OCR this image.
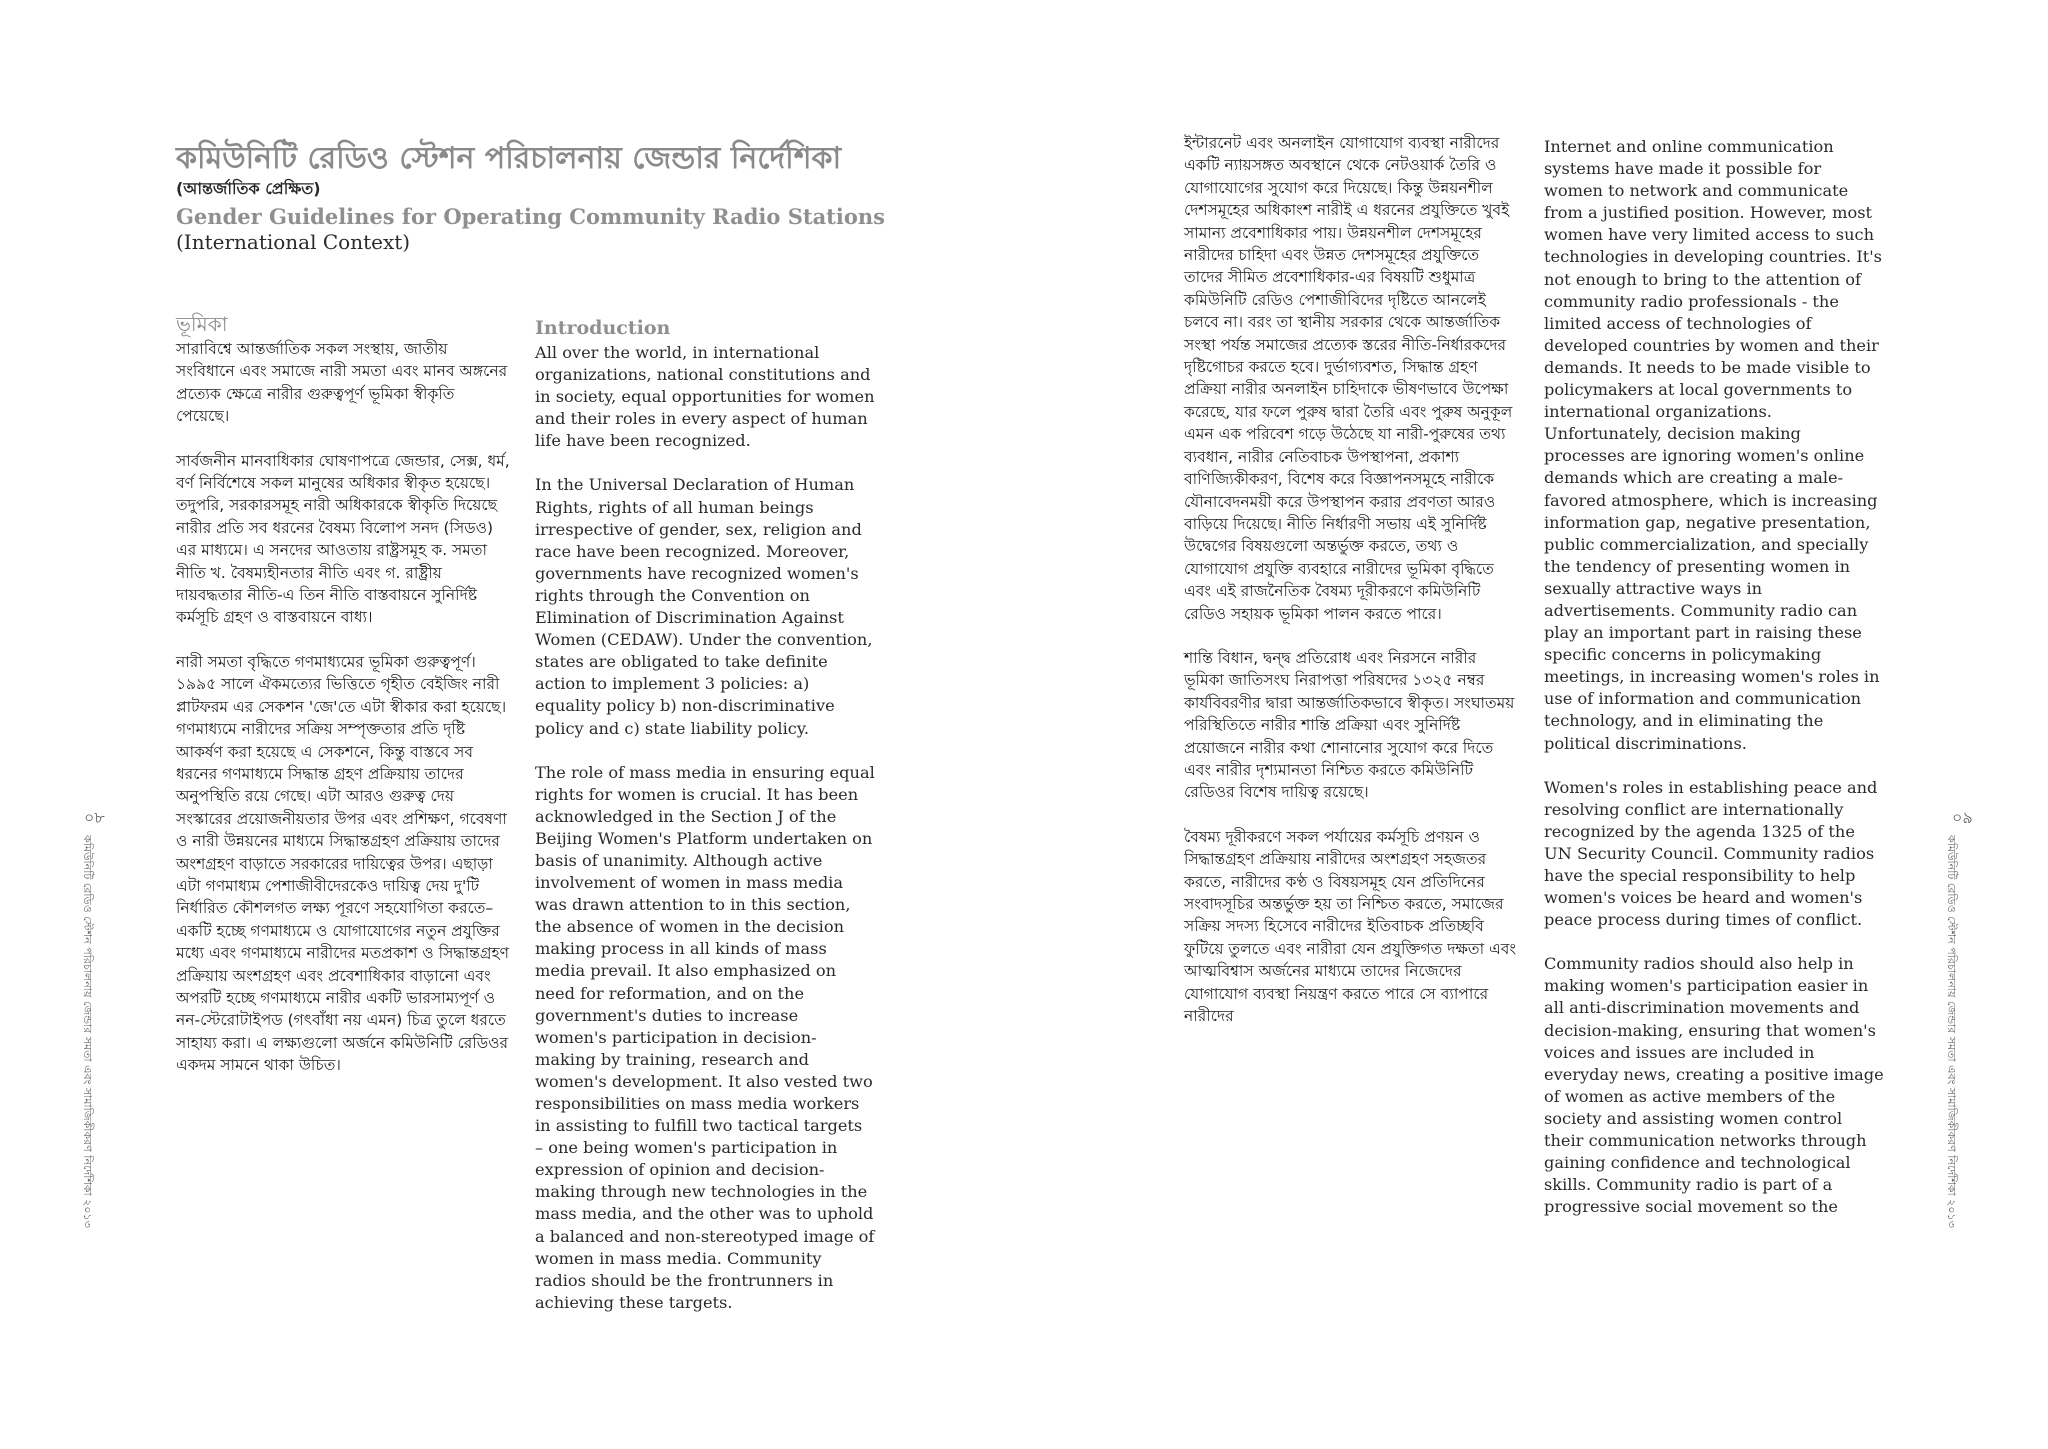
কমিউনিটি রেডিও স্টেশন পরিচালনায় জেন্ডার নির্দেশিকা
(আন্তর্জাতিক প্রেক্ষিত)
Gender Guidelines for Operating Community Radio Stations
(International Context)
ভূমিকা

সারাবিশ্বে আন্তর্জাতিক সকল সংস্থায়, জাতীয় সংবিধানে এবং সমাজে নারী সমতা এবং মানব অঙ্গনের প্রত্যেক ক্ষেত্রে নারীর গুরুত্বপূর্ণ ভূমিকা স্বীকৃতি পেয়েছে।

সার্বজনীন মানবাধিকার ঘোষণাপত্রে জেন্ডার, সেক্স, ধর্ম, বর্ণ নির্বিশেষে সকল মানুষের অধিকার স্বীকৃত হয়েছে। তদুপরি, সরকারসমূহ নারী অধিকারকে স্বীকৃতি দিয়েছে নারীর প্রতি সব ধরনের বৈষম্য বিলোপ সনদ (সিডও) এর মাধ্যমে। এ সনদের আওতায় রাষ্ট্রসমূহ ক. সমতা নীতি খ. বৈষম্যহীনতার নীতি এবং গ. রাষ্ট্রীয় দায়বদ্ধতার নীতি-এ তিন নীতি বাস্তবায়নে সুনির্দিষ্ট কর্মসূচি গ্রহণ ও বাস্তবায়নে বাধ্য।

নারী সমতা বৃদ্ধিতে গণমাধ্যমের ভূমিকা গুরুত্বপূর্ণ। ১৯৯৫ সালে ঐকমত্যের ভিত্তিতে গৃহীত বেইজিং নারী প্লাটফরম এর সেকশন 'জে'তে এটা স্বীকার করা হয়েছে। গণমাধ্যমে নারীদের সক্রিয় সম্পৃক্ততার প্রতি দৃষ্টি আকর্ষণ করা হয়েছে এ সেকশনে, কিন্তু বাস্তবে সব ধরনের গণমাধ্যমে সিদ্ধান্ত গ্রহণ প্রক্রিয়ায় তাদের অনুপস্থিতি রয়ে গেছে। এটা আরও গুরুত্ব দেয় সংস্কারের প্রয়োজনীয়তার উপর এবং প্রশিক্ষণ, গবেষণা ও নারী উন্নয়নের মাধ্যমে সিদ্ধান্তগ্রহণ প্রক্রিয়ায় তাদের অংশগ্রহণ বাড়াতে সরকারের দায়িত্বের উপর। এছাড়া এটা গণমাধ্যম পেশাজীবীদেরকেও দায়িত্ব দেয় দু'টি নির্ধারিত কৌশলগত লক্ষ্য পূরণে সহযোগিতা করতে– একটি হচ্ছে গণমাধ্যমে ও যোগাযোগের নতুন প্রযুক্তির মধ্যে এবং গণমাধ্যমে নারীদের মতপ্রকাশ ও সিদ্ধান্তগ্রহণ প্রক্রিয়ায় অংশগ্রহণ এবং প্রবেশাধিকার বাড়ানো এবং অপরটি হচ্ছে গণমাধ্যমে নারীর একটি ভারসাম্যপূর্ণ ও নন-স্টেরোটাইপড (গৎবাঁধা নয় এমন) চিত্র তুলে ধরতে সাহায্য করা। এ লক্ষ্যগুলো অর্জনে কমিউনিটি রেডিওর একদম সামনে থাকা উচিত।

Introduction

All over the world, in international organizations, national constitutions and in society, equal opportunities for women and their roles in every aspect of human life have been recognized.

In the Universal Declaration of Human Rights, rights of all human beings irrespective of gender, sex, religion and race have been recognized. Moreover, governments have recognized women's rights through the Convention on Elimination of Discrimination Against Women (CEDAW). Under the convention, states are obligated to take definite action to implement 3 policies: a) equality policy b) non-discriminative policy and c) state liability policy.

The role of mass media in ensuring equal rights for women is crucial. It has been acknowledged in the Section J of the Beijing Women's Platform undertaken on basis of unanimity. Although active involvement of women in mass media was drawn attention to in this section, the absence of women in the decision making process in all kinds of mass media prevail. It also emphasized on need for reformation, and on the government's duties to increase women's participation in decision-making by training, research and women's development. It also vested two responsibilities on mass media workers in assisting to fulfill two tactical targets – one being women's participation in expression of opinion and decision-making through new technologies in the mass media, and the other was to uphold a balanced and non-stereotyped image of women in mass media. Community radios should be the frontrunners in achieving these targets.

০৮
কমিউনিটি রেডিও স্টেশন পরিচালনায় জেন্ডার সমতা এবং সামাজিকীকরণ নির্দেশিকা ২০১৩

ইন্টারনেট এবং অনলাইন যোগাযোগ ব্যবস্থা নারীদের একটি ন্যায়সঙ্গত অবস্থানে থেকে নেটওয়ার্ক তৈরি ও যোগাযোগের সুযোগ করে দিয়েছে। কিন্তু উন্নয়নশীল দেশসমূহের অধিকাংশ নারীই এ ধরনের প্রযুক্তিতে খুবই সামান্য প্রবেশাধিকার পায়। উন্নয়নশীল দেশসমূহের নারীদের চাহিদা এবং উন্নত দেশসমূহের প্রযুক্তিতে তাদের সীমিত প্রবেশাধিকার-এর বিষয়টি শুধুমাত্র কমিউনিটি রেডিও পেশাজীবিদের দৃষ্টিতে আনলেই চলবে না। বরং তা স্থানীয় সরকার থেকে আন্তর্জাতিক সংস্থা পর্যন্ত সমাজের প্রত্যেক স্তরের নীতি-নির্ধারকদের দৃষ্টিগোচর করতে হবে। দুর্ভাগ্যবশত, সিদ্ধান্ত গ্রহণ প্রক্রিয়া নারীর অনলাইন চাহিদাকে ভীষণভাবে উপেক্ষা করেছে, যার ফলে পুরুষ দ্বারা তৈরি এবং পুরুষ অনুকূল এমন এক পরিবেশ গড়ে উঠেছে যা নারী-পুরুষের তথ্য ব্যবধান, নারীর নেতিবাচক উপস্থাপনা, প্রকাশ্য বাণিজ্যিকীকরণ, বিশেষ করে বিজ্ঞাপনসমূহে নারীকে যৌনাবেদনময়ী করে উপস্থাপন করার প্রবণতা আরও বাড়িয়ে দিয়েছে। নীতি নির্ধারণী সভায় এই সুনির্দিষ্ট উদ্বেগের বিষয়গুলো অন্তর্ভুক্ত করতে, তথ্য ও যোগাযোগ প্রযুক্তি ব্যবহারে নারীদের ভূমিকা বৃদ্ধিতে এবং এই রাজনৈতিক বৈষম্য দূরীকরণে কমিউনিটি রেডিও সহায়ক ভূমিকা পালন করতে পারে।

শান্তি বিধান, দ্বন্দ্ব প্রতিরোধ এবং নিরসনে নারীর ভূমিকা জাতিসংঘ নিরাপত্তা পরিষদের ১৩২৫ নম্বর কার্যবিবরণীর দ্বারা আন্তর্জাতিকভাবে স্বীকৃত। সংঘাতময় পরিস্থিতিতে নারীর শান্তি প্রক্রিয়া এবং সুনির্দিষ্ট প্রয়োজনে নারীর কথা শোনানোর সুযোগ করে দিতে এবং নারীর দৃশ্যমানতা নিশ্চিত করতে কমিউনিটি রেডিওর বিশেষ দায়িত্ব রয়েছে।

বৈষম্য দূরীকরণে সকল পর্যায়ের কর্মসূচি প্রণয়ন ও সিদ্ধান্তগ্রহণ প্রক্রিয়ায় নারীদের অংশগ্রহণ সহজতর করতে, নারীদের কণ্ঠ ও বিষয়সমূহ যেন প্রতিদিনের সংবাদসূচির অন্তর্ভুক্ত হয় তা নিশ্চিত করতে, সমাজের সক্রিয় সদস্য হিসেবে নারীদের ইতিবাচক প্রতিচ্ছবি ফুটিয়ে তুলতে এবং নারীরা যেন প্রযুক্তিগত দক্ষতা এবং আত্মবিশ্বাস অর্জনের মাধ্যমে তাদের নিজেদের যোগাযোগ ব্যবস্থা নিয়ন্ত্রণ করতে পারে সে ব্যাপারে নারীদের

Internet and online communication systems have made it possible for women to network and communicate from a justified position. However, most women have very limited access to such technologies in developing countries. It's not enough to bring to the attention of community radio professionals - the limited access of technologies of developed countries by women and their demands. It needs to be made visible to policymakers at local governments to international organizations. Unfortunately, decision making processes are ignoring women's online demands which are creating a male-favored atmosphere, which is increasing information gap, negative presentation, public commercialization, and specially the tendency of presenting women in sexually attractive ways in advertisements. Community radio can play an important part in raising these specific concerns in policymaking meetings, in increasing women's roles in use of information and communication technology, and in eliminating the political discriminations.

Women's roles in establishing peace and resolving conflict are internationally recognized by the agenda 1325 of the UN Security Council. Community radios have the special responsibility to help women's voices be heard and women's peace process during times of conflict.

Community radios should also help in making women's participation easier in all anti-discrimination movements and decision-making, ensuring that women's voices and issues are included in everyday news, creating a positive image of women as active members of the society and assisting women control their communication networks through gaining confidence and technological skills. Community radio is part of a progressive social movement so the

০৯
কমিউনিটি রেডিও স্টেশন পরিচালনায় জেন্ডার সমতা এবং সামাজিকীকরণ নির্দেশিকা ২০১৩
